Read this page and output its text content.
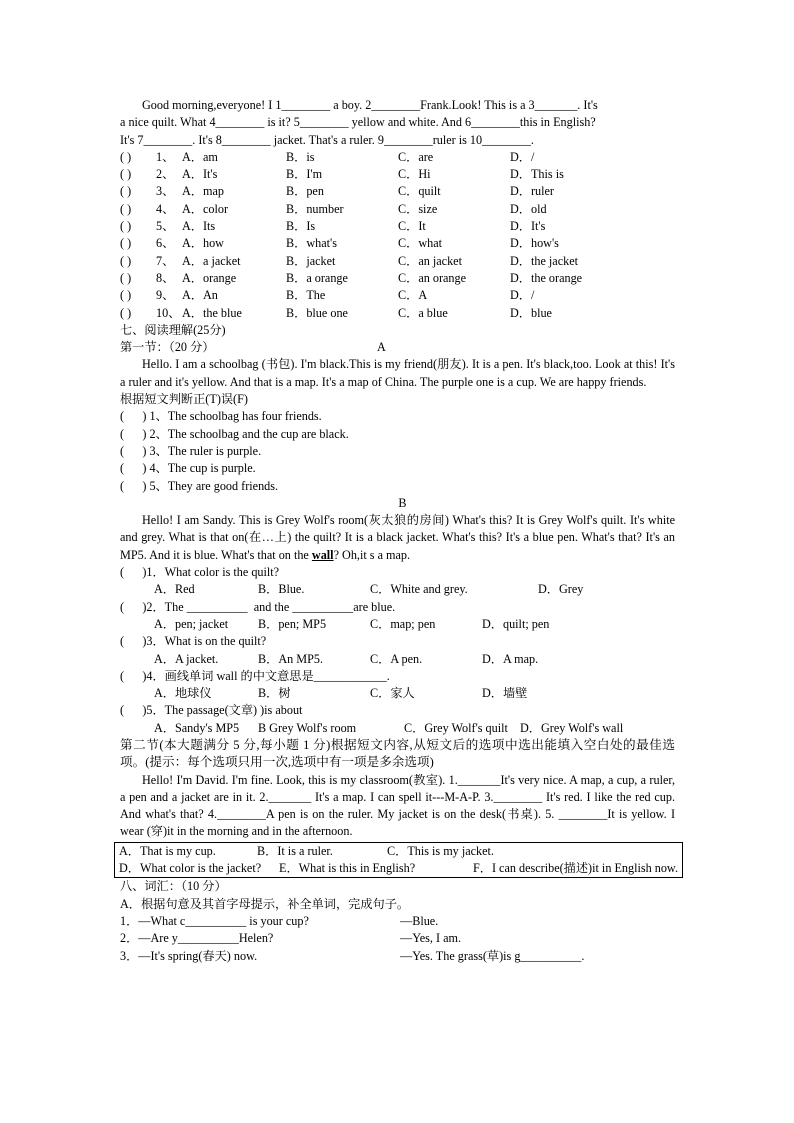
Good morning,everyone! I 1________ a boy. 2________Frank.Look! This is a 3_______. It's

a nice quilt. What 4________ is it? 5________ yellow and white. And 6________this in English?

It's 7________. It's 8________ jacket. That's a ruler. 9________ruler is 10________.

( )	1、 A．am	B．is	C．are	D．/
( )	2、 A．It's	B．I'm	C．Hi	D．This is
( )	3、 A．map	B．pen	C．quilt	D．ruler
( )	4、 A．color	B．number	C．size	D．old
( )	5、 A．Its	B．Is	C．It	D．It's
( )	6、 A．how	B．what's	C．what	D．how's
( )	7、 A．a jacket	B．jacket	C．an jacket	D．the jacket
( )	8、 A．orange	B．a orange	C．an orange	D．the orange
( )	9、 A．An	B．The	C．A	D．/
( )	10、 A．the blue	B．blue one	C．a blue	D．blue

七、阅读理解(25分)

第一节：（20 分）	A

Hello. I am a schoolbag (书包). I'm black.This is my friend(朋友). It is a pen. It's black,too. Look at this! It's a ruler and it's yellow. And that is a map. It's a map of China. The purple one is a cup. We are happy friends.

根据短文判断正(T)误(F)

(      ) 1、The schoolbag has four friends.

(      ) 2、The schoolbag and the cup are black.

(      ) 3、The ruler is purple.

(      ) 4、The cup is purple.

(      ) 5、They are good friends.

B

Hello! I am Sandy. This is Grey Wolf's room(灰太狼的房间) What's this? It is Grey Wolf's quilt. It's white and grey. What is that on(在…上) the quilt? It is a black jacket. What's this? It's a blue pen. What's that? It's an MP5. And it is blue. What's that on the wall? Oh,it s a map.

(      )1．What color is the quilt?

A．Red	B．Blue.	C．White and grey.	D．Grey

(      )2．The __________  and the __________are blue.

A．pen; jacket	B．pen; MP5	C．map; pen	D．quilt; pen

(      )3．What is on the quilt?

A．A jacket.	B．An MP5.	C．A pen.	D．A map.

(      )4．画线单词 wall 的中文意思是____________.

A．地球仪	B．树	C．家人	D．墙壁

(      )5．The passage(文章) )is about

A．Sandy's MP5	B Grey Wolf's room	C．Grey Wolf's quilt D．Grey Wolf's wall

第二节(本大题满分 5 分,每小题 1 分)根据短文内容,从短文后的选项中选出能填入空白处的最佳选项。(提示：每个选项只用一次,选项中有一项是多余选项)

Hello! I'm David. I'm fine. Look, this is my classroom(教室). 1._______It's very nice. A map, a cup, a ruler, a pen and a jacket are in it. 2._______ It's a map. I can spell it---M-A-P. 3.________ It's red. I like the red cup. And what's that? 4.________A pen is on the ruler. My jacket is on the desk(书桌). 5. ________It is yellow. I wear (穿)it in the morning and in the afternoon.

A．That is my cup.	B．It is a ruler.	C．This is my jacket.
D．What color is the jacket?	E．What is this in English?	F．I can describe(描述)it in English now.

八、词汇：（10 分）

A．根据句意及其首字母提示，补全单词，完成句子。

1．—What c__________ is your cup?	—Blue.
2．—Are y__________Helen?	—Yes, I am.
3．—It's spring(春天) now.	—Yes. The grass(草)is g__________.
